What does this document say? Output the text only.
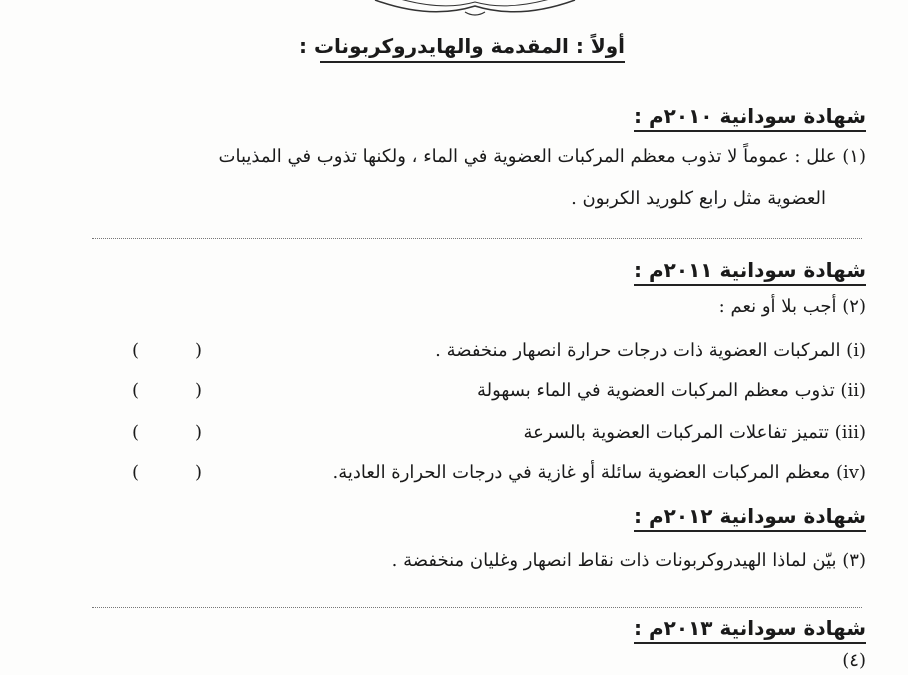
أولاً : المقدمة والهايدروكربونات :
شهادة سودانية ٢٠١٠م :
(١) علل : عموماً لا تذوب معظم المركبات العضوية في الماء ، ولكنها تذوب في المذيبات
العضوية مثل رابع كلوريد الكربون .
شهادة سودانية ٢٠١١م :
(٢) أجب بلا أو نعم :
(i) المركبات العضوية ذات درجات حرارة انصهار منخفضة .
(	)
(ii) تذوب معظم المركبات العضوية في الماء بسهولة
(	)
(iii) تتميز تفاعلات المركبات العضوية بالسرعة
(	)
(iv) معظم المركبات العضوية سائلة أو غازية في درجات الحرارة العادية.
(	)
شهادة سودانية ٢٠١٢م :
(٣) بيّن لماذا الهيدروكربونات ذات نقاط انصهار وغليان منخفضة .
شهادة سودانية ٢٠١٣م :
(٤)
